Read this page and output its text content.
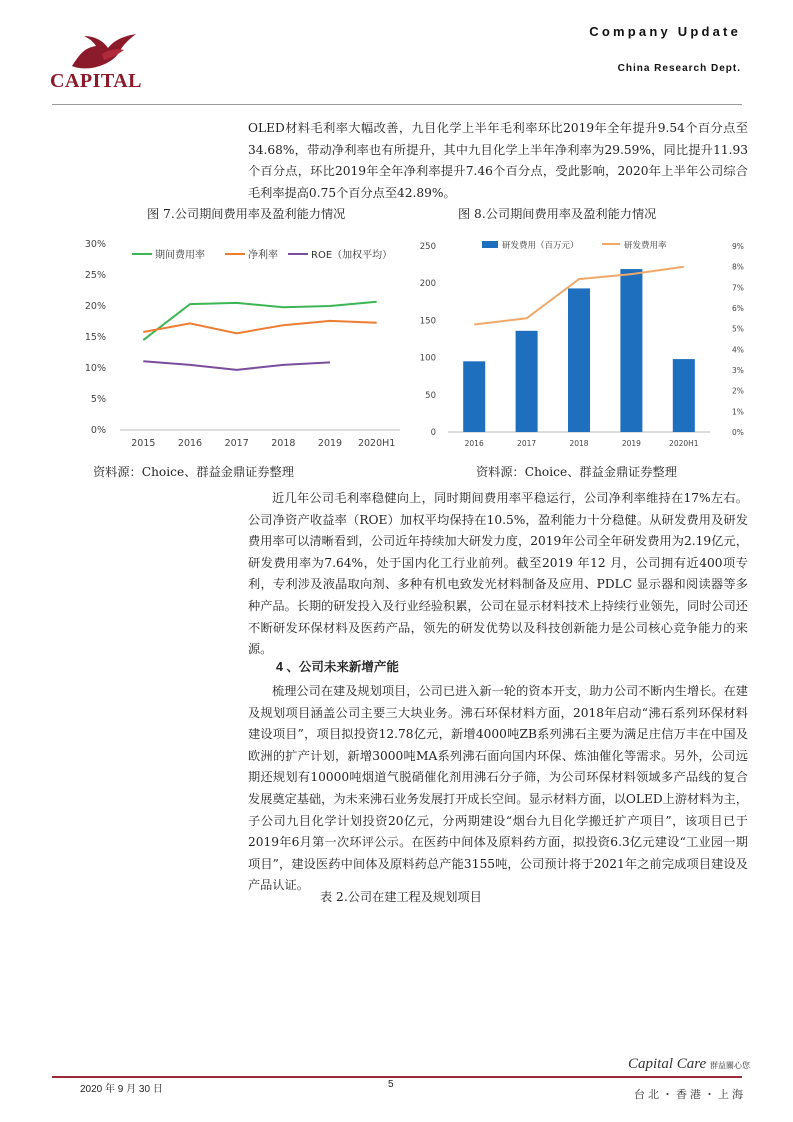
CAPITAL
Company Update
China Research Dept.
OLED材料毛利率大幅改善，九目化学上半年毛利率环比2019年全年提升9.54个百分点至34.68%，带动净利率也有所提升，其中九目化学上半年净利率为29.59%，同比提升11.93个百分点，环比2019年全年净利率提升7.46个百分点，受此影响，2020年上半年公司综合毛利率提高0.75个百分点至42.89%。
图 7.公司期间费用率及盈利能力情况	图 8.公司期间费用率及盈利能力情况
30%
25%
20%
15%
10%
5%
0%
2015 2016 2017 2018 2019 2020H1
期间费用率	净利率	ROE（加权平均）
250
200
150
100
50
0
9%
8%
7%
6%
5%
4%
3%
2%
1%
0%
2016	2017	2018	2019	2020H1
研发费用（百万元）	研发费用率
资料源：Choice、群益金鼎证券整理	资料源：Choice、群益金鼎证券整理
近几年公司毛利率稳健向上，同时期间费用率平稳运行，公司净利率维持在17%左右。公司净资产收益率（ROE）加权平均保持在10.5%，盈利能力十分稳健。从研发费用及研发费用率可以清晰看到，公司近年持续加大研发力度，2019年公司全年研发费用为2.19亿元，研发费用率为7.64%，处于国内化工行业前列。截至2019 年12 月，公司拥有近400项专利，专利涉及液晶取向剂、多种有机电致发光材料制备及应用、PDLC 显示器和阅读器等多种产品。长期的研发投入及行业经验积累，公司在显示材料技术上持续行业领先，同时公司还不断研发环保材料及医药产品，领先的研发优势以及科技创新能力是公司核心竞争能力的来源。
4 、公司未来新增产能
梳理公司在建及规划项目，公司已进入新一轮的资本开支，助力公司不断内生增长。在建及规划项目涵盖公司主要三大块业务。沸石环保材料方面，2018年启动“沸石系列环保材料建设项目”，项目拟投资12.78亿元，新增4000吨ZB系列沸石主要为满足庄信万丰在中国及欧洲的扩产计划，新增3000吨MA系列沸石面向国内环保、炼油催化等需求。另外，公司远期还规划有10000吨烟道气脱硝催化剂用沸石分子筛，为公司环保材料领域多产品线的复合发展奠定基础，为未来沸石业务发展打开成长空间。显示材料方面，以OLED上游材料为主，子公司九目化学计划投资20亿元，分两期建设“烟台九目化学搬迁扩产项目”，该项目已于2019年6月第一次环评公示。在医药中间体及原料药方面，拟投资6.3亿元建设“工业园一期项目”，建设医药中间体及原料药总产能3155吨，公司预计将于2021年之前完成项目建设及产品认证。
表 2.公司在建工程及规划项目
Capital Care 群益關心您
2020 年 9 月 30 日	5
台北・香港・上海
